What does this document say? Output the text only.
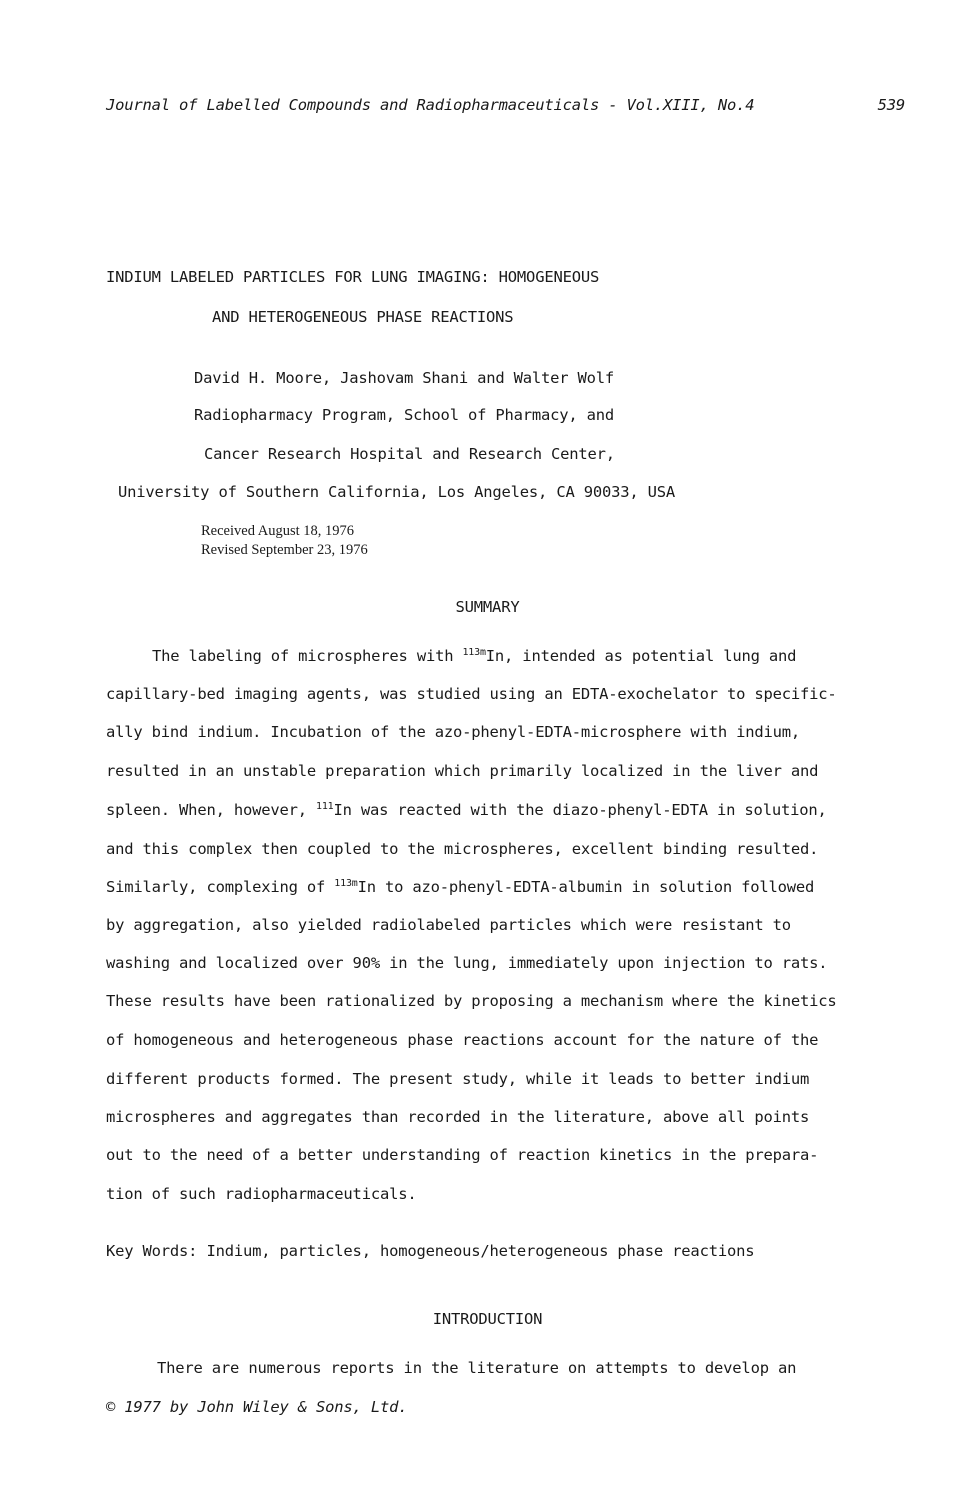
Journal of Labelled Compounds and Radiopharmaceuticals - Vol.XIII, No.4	539
INDIUM LABELED PARTICLES FOR LUNG IMAGING: HOMOGENEOUS
AND HETEROGENEOUS PHASE REACTIONS
David H. Moore, Jashovam Shani and Walter Wolf
Radiopharmacy Program, School of Pharmacy, and
Cancer Research Hospital and Research Center,
University of Southern California, Los Angeles, CA 90033, USA
Received August 18, 1976
Revised September 23, 1976
SUMMARY
The labeling of microspheres with $^{113m}$In, intended as potential lung and
capillary-bed imaging agents, was studied using an EDTA-exochelator to specific-
ally bind indium. Incubation of the azo-phenyl-EDTA-microsphere with indium,
resulted in an unstable preparation which primarily localized in the liver and
spleen. When, however, $^{111}$In was reacted with the diazo-phenyl-EDTA in solution,
and this complex then coupled to the microspheres, excellent binding resulted.
Similarly, complexing of $^{113m}$In to azo-phenyl-EDTA-albumin in solution followed
by aggregation, also yielded radiolabeled particles which were resistant to
washing and localized over 90% in the lung, immediately upon injection to rats.
These results have been rationalized by proposing a mechanism where the kinetics
of homogeneous and heterogeneous phase reactions account for the nature of the
different products formed. The present study, while it leads to better indium
microspheres and aggregates than recorded in the literature, above all points
out to the need of a better understanding of reaction kinetics in the prepara-
tion of such radiopharmaceuticals.
Key Words: Indium, particles, homogeneous/heterogeneous phase reactions
INTRODUCTION
There are numerous reports in the literature on attempts to develop an
© 1977 by John Wiley & Sons, Ltd.
